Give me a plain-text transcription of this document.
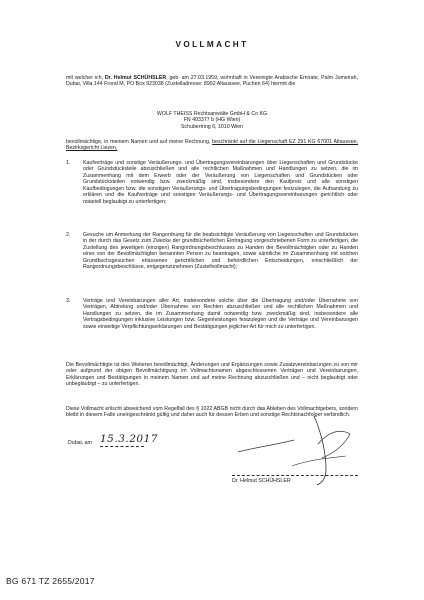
VOLLMACHT
mit welcher ich, Dr. Helmut SCHÜHSLER, geb. am 27.03.1959, wohnhaft in Vereinigte Arabische Emirate, Palm Jumeirah, Dubai, Villa 144 Frond M, PO Box 923038 (Zustelladresse: 8992 Altaussee, Puchen 64) hiermit die
WOLF THEISS Rechtsanwälte GmbH & Co KG
FN 403377 b (HG Wien)
Schubertring 6, 1010 Wien
bevollmächtige, in meinem Namen und auf meine Rechnung, beschränkt auf die Liegenschaft EZ 291 KG 67001 Altaussee, Bezirksgericht Liezen,
1. Kaufverträge und sonstige Veräußerungs- und Übertragungsvereinbarungen über Liegenschaften und Grundstücke oder Grundstücksteile abzuschließen und alle rechtlichen Maßnahmen und Handlungen zu setzen, die im Zusammenhang mit dem Erwerb oder der Veräußerung von Liegenschaften und Grundstücken oder Grundstücksteilen notwendig bzw. zweckmäßig sind, insbesondere den Kaufpreis und alle sonstigen Kaufbedingungen bzw. die sonstigen Veräußerungs- und Übertragungsbedingungen festzulegen, die Aufsandung zu erklären und die Kaufverträge und sonstigen Veräußerungs- und Übertragungsvereinbarungen gerichtlich oder notariell beglaubigt zu unterfertigen;
2. Gesuche um Anmerkung der Rangordnung für die beabsichtigte Veräußerung von Liegenschaften und Grundstücken in der durch das Gesetz zum Zwecke der grundbücherlichen Eintragung vorgeschriebenen Form zu unterfertigen, die Zustellung des jeweiligen (einzigen) Rangordnungsbeschlusses zu Handen der Bevollmächtigten oder zu Handen einer von der Bevollmächtigten benannten Person zu beantragen, sowie sämtliche im Zusammenhang mit solchen Grundbuchsgesuchen erlassenen gerichtlichen und behördlichen Entscheidungen, einschließlich der Rangordnungsbeschlüsse, entgegenzunehmen (Zustellvollmacht);
3. Verträge und Vereinbarungen aller Art, insbesondere solche über die Übertragung und/oder Übernahme von Verträgen, Abtretung und/oder Übernahme von Rechten abzuschließen und alle rechtlichen Maßnahmen und Handlungen zu setzen, die im Zusammenhang damit notwendig bzw. zweckmäßig sind, insbesondere alle Vertragsbedingungen inklusive Leistungen bzw. Gegenleistungen festzulegen und die Verträge und Vereinbarungen sowie einseitige Verpflichtungserklärungen und Bestätigungen jeglicher Art für mich zu unterfertigen.
Die Bevollmächtigte ist des Weiteren bevollmächtigt, Änderungen und Ergänzungen sowie Zusatzvereinbarungen zu von mir oder aufgrund der obigen Bevollmächtigung im Vollmachtsnamen abgeschlossenen Verträgen und Vereinbarungen, Erklärungen und Bestätigungen in meinem Namen und auf meine Rechnung abzuschließen und – nicht beglaubigt oder unbeglaubigt – zu unterfertigen.
Diese Vollmacht erlischt abweichend vom Regelfall des § 1022 ABGB nicht durch das Ableben des Vollmachtgebers, sondern bleibt in diesem Falle uneingeschränkt gültig und daher auch für dessen Erben und sonstige Rechtsnachfolger verbindlich.
Dubai, am 15.3.2017
Dr. Helmut SCHÜHSLER
BG 671 TZ 2655/2017
